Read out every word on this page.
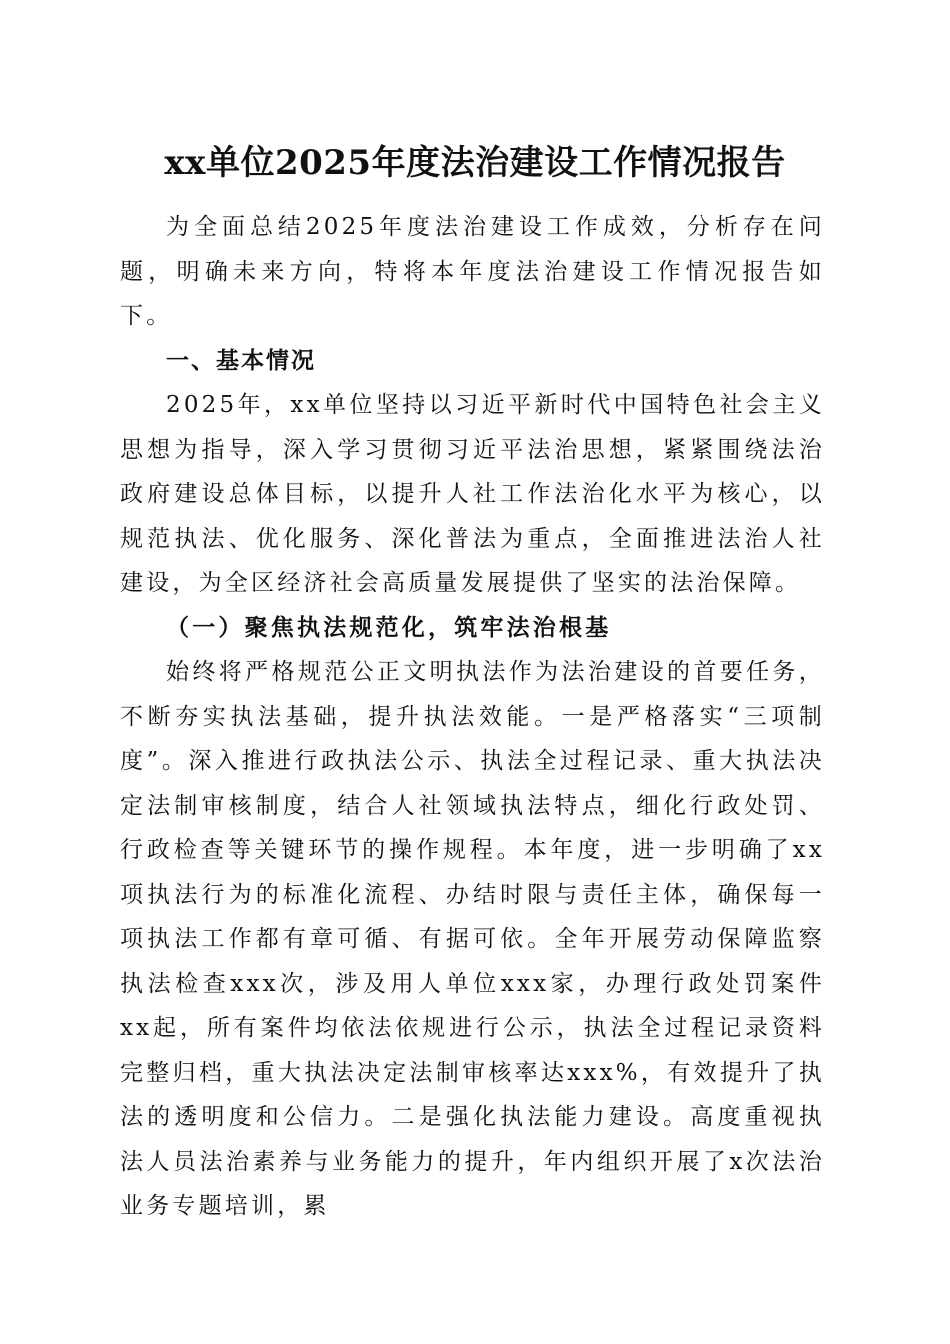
xx单位2025年度法治建设工作情况报告

为全面总结2025年度法治建设工作成效，分析存在问题，明确未来方向，特将本年度法治建设工作情况报告如下。

一、基本情况

2025年，xx单位坚持以习近平新时代中国特色社会主义思想为指导，深入学习贯彻习近平法治思想，紧紧围绕法治政府建设总体目标，以提升人社工作法治化水平为核心，以规范执法、优化服务、深化普法为重点，全面推进法治人社建设，为全区经济社会高质量发展提供了坚实的法治保障。

（一）聚焦执法规范化，筑牢法治根基

始终将严格规范公正文明执法作为法治建设的首要任务，不断夯实执法基础，提升执法效能。一是严格落实“三项制度”。深入推进行政执法公示、执法全过程记录、重大执法决定法制审核制度，结合人社领域执法特点，细化行政处罚、行政检查等关键环节的操作规程。本年度，进一步明确了xx项执法行为的标准化流程、办结时限与责任主体，确保每一项执法工作都有章可循、有据可依。全年开展劳动保障监察执法检查xxx次，涉及用人单位xxx家，办理行政处罚案件xx起，所有案件均依法依规进行公示，执法全过程记录资料完整归档，重大执法决定法制审核率达xxx%，有效提升了执法的透明度和公信力。二是强化执法能力建设。高度重视执法人员法治素养与业务能力的提升，年内组织开展了x次法治业务专题培训，累
